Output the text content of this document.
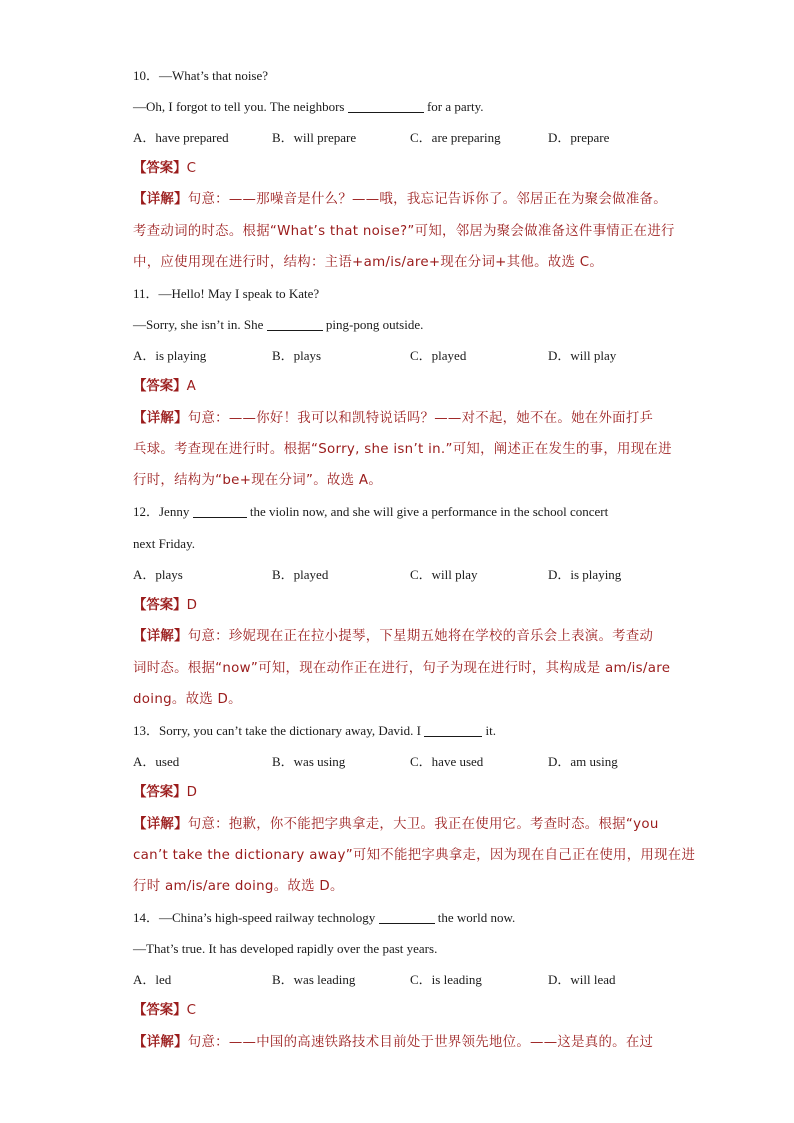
10．—What’s that noise?
—Oh, I forgot to tell you. The neighbors	for a party.
A．have prepared	B．will prepare	C．are preparing	D．prepare
【答案】C
【详解】句意：——那噪音是什么？——哦，我忘记告诉你了。邻居正在为聚会做准备。
考查动词的时态。根据“What’s that noise?”可知，邻居为聚会做准备这件事情正在进行
中，应使用现在进行时，结构：主语+am/is/are+现在分词+其他。故选 C。
11．—Hello! May I speak to Kate?
—Sorry, she isn’t in. She	ping-pong outside.
A．is playing	B．plays	C．played	D．will play
【答案】A
【详解】句意：——你好！我可以和凯特说话吗？——对不起，她不在。她在外面打乒
乓球。考查现在进行时。根据“Sorry, she isn’t in.”可知，阐述正在发生的事，用现在进
行时，结构为“be+现在分词”。故选 A。
12．Jenny	the violin now, and she will give a performance in the school concert
next Friday.
A．plays	B．played	C．will play	D．is playing
【答案】D
【详解】句意：珍妮现在正在拉小提琴，下星期五她将在学校的音乐会上表演。考查动
词时态。根据“now”可知，现在动作正在进行，句子为现在进行时，其构成是 am/is/are
doing。故选 D。
13．Sorry, you can’t take the dictionary away, David. I	it.
A．used	B．was using	C．have used	D．am using
【答案】D
【详解】句意：抱歉，你不能把字典拿走，大卫。我正在使用它。考查时态。根据“you
can’t take the dictionary away”可知不能把字典拿走，因为现在自己正在使用，用现在进
行时 am/is/are doing。故选 D。
14．—China’s high-speed railway technology	the world now.
—That’s true. It has developed rapidly over the past years.
A．led	B．was leading	C．is leading	D．will lead
【答案】C
【详解】句意：——中国的高速铁路技术目前处于世界领先地位。——这是真的。在过
